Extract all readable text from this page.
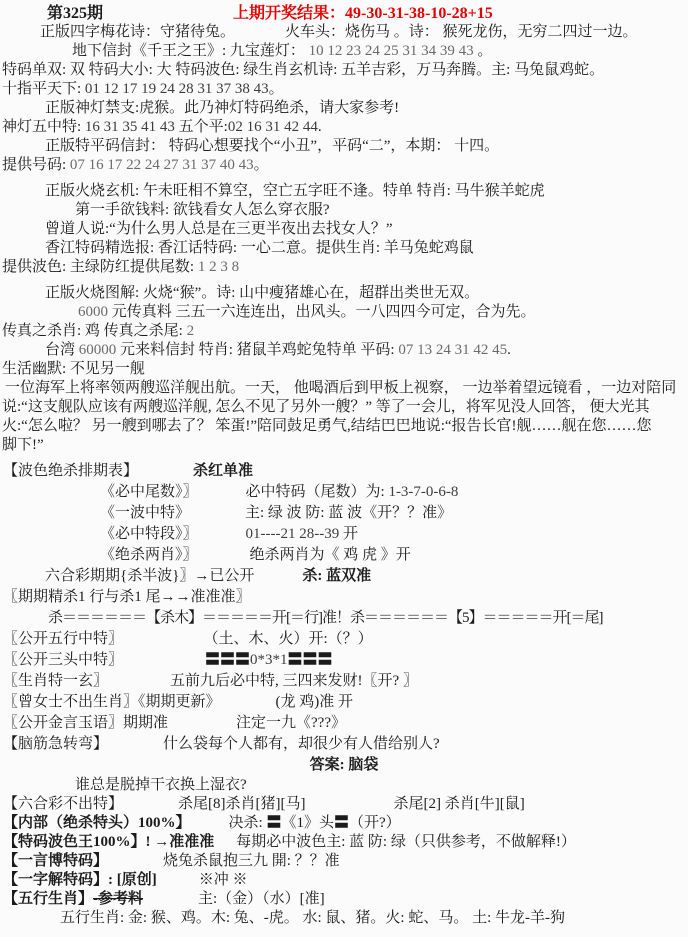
第325期	上期开奖结果：49-30-31-38-10-28+15
正版四字梅花诗：守猪待兔。	火车头：烧伤马 。诗： 猴死龙伤，无穷二四过一边。
地下信封《千王之王》: 九宝莲灯： 10 12 23 24 25 31 34 39 43 。
特码单双: 双 特码大小: 大 特码波色: 绿生肖玄机诗: 五羊吉彩，万马奔腾。主: 马兔鼠鸡蛇。
十指平天下: 01 12 17 19 24 28 31 37 38 43。
正版神灯禁支:虎猴。此乃神灯特码绝杀，请大家参考!
神灯五中特: 16 31 35 41 43 五个平:02 16 31 42 44.
正版特平码信封： 特码心想要找个“小丑”，平码“二”，本期： 十四。
提供号码: 07 16 17 22 24 27 31 37 40 43。
正版火烧玄机: 午未旺相不算空，空亡五字旺不逢。特单 特肖: 马牛猴羊蛇虎
第一手欲钱料: 欲钱看女人怎么穿衣服?
曾道人说:“为什么男人总是在三更半夜出去找女人？”
香江特码精选报: 香江话特码: 一心二意。提供生肖: 羊马兔蛇鸡鼠
提供波色: 主绿防红提供尾数: 1 2 3 8
正版火烧图解: 火烧“猴”。诗: 山中瘦猪雄心在，超群出类世无双。
6000 元传真料 三五一六连连出，出风头。一八四四今可定，合为先。
传真之杀肖: 鸡 传真之杀尾: 2
台湾 60000 元来料信封 特肖: 猪鼠羊鸡蛇兔特单 平码: 07 13 24 31 42 45.
生活幽默: 不见另一舰
一位海军上将率领两艘巡洋舰出航。一天， 他喝酒后到甲板上视察， 一边举着望远镜看 ，一边对陪同
说:“这支舰队应该有两艘巡洋舰, 怎么不见了另外一艘？” 等了一会儿，将军见没人回答， 便大光其
火:“怎么啦？ 另一艘到哪去了？ 笨蛋!”陪同鼓足勇气,结结巴巴地说:“报告长官!舰……舰在您……您
脚下!”
【波色绝杀排期表】	杀红单准
《必中尾数》〗	必中特码（尾数）为: 1-3-7-0-6-8
《一波中特》	主: 绿 波 防: 蓝 波《开？？准》
《必中特段》〗	01----21 28--39 开
《绝杀两肖》〗	绝杀两肖为《 鸡 虎 》开
六合彩期期{杀半波}〗→已公开	杀: 蓝双准
〖期期精杀1 行与杀1 尾→→准准准〗
杀＝＝＝＝＝＝【杀木】＝＝＝＝＝开[＝行]准！杀＝＝＝＝＝＝【5】＝＝＝＝＝开[＝尾]
〖公开五行中特〗	（土、木、火）开:（？）
〖公开三头中特〗	〓〓〓0*3*1〓〓〓
〖生肖特一玄〗	五前九后必中特, 三四来发财!〖开? 〗
〖曾女士不出生肖〗《期期更新》	(龙 鸡)准 开
〖公开金言玉语〗期期准	注定一九《???》
【脑筋急转弯】	什么袋每个人都有，却很少有人借给别人?
答案: 脑袋
谁总是脱掉干衣换上湿衣?
【六合彩不出特】	杀尾[8]杀肖[猪][马]	杀尾[2] 杀肖[牛][鼠]
【内部（绝杀特头）100%】	决杀: 〓《1》头〓（开?）
【特码波色王100%】! →准准准 每期必中波色主: 蓝 防: 绿（只供参考，不做解释!）
【一言博特码】	烧兔杀鼠抱三九 開: ？？准
【一字解特码】: [原创]	※冲 ※
【五行生肖】-参考料	主:（金）（水）[准]
五行生肖: 金: 猴、鸡。木: 兔、-虎。 水: 鼠、猪。火: 蛇、马。 土: 牛龙-羊-狗
